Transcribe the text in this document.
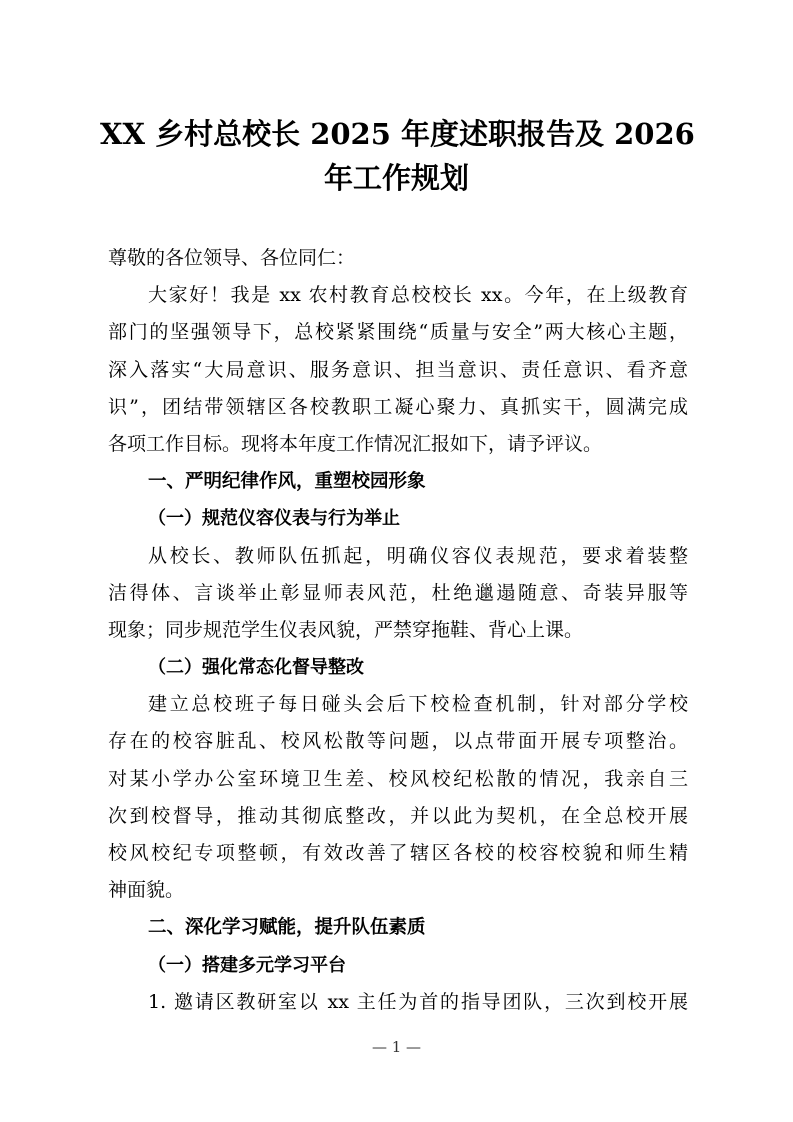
XX 乡村总校长 2025 年度述职报告及 2026
年工作规划
尊敬的各位领导、各位同仁：
大家好！我是 xx 农村教育总校校长 xx。今年，在上级教育
部门的坚强领导下，总校紧紧围绕“质量与安全”两大核心主题，
深入落实“大局意识、服务意识、担当意识、责任意识、看齐意
识”，团结带领辖区各校教职工凝心聚力、真抓实干，圆满完成
各项工作目标。现将本年度工作情况汇报如下，请予评议。
一、严明纪律作风，重塑校园形象
（一）规范仪容仪表与行为举止
从校长、教师队伍抓起，明确仪容仪表规范，要求着装整
洁得体、言谈举止彰显师表风范，杜绝邋遢随意、奇装异服等
现象；同步规范学生仪表风貌，严禁穿拖鞋、背心上课。
（二）强化常态化督导整改
建立总校班子每日碰头会后下校检查机制，针对部分学校
存在的校容脏乱、校风松散等问题，以点带面开展专项整治。
对某小学办公室环境卫生差、校风校纪松散的情况，我亲自三
次到校督导，推动其彻底整改，并以此为契机，在全总校开展
校风校纪专项整顿，有效改善了辖区各校的校容校貌和师生精
神面貌。
二、深化学习赋能，提升队伍素质
（一）搭建多元学习平台
1. 邀请区教研室以 xx 主任为首的指导团队，三次到校开展
— 1 —
